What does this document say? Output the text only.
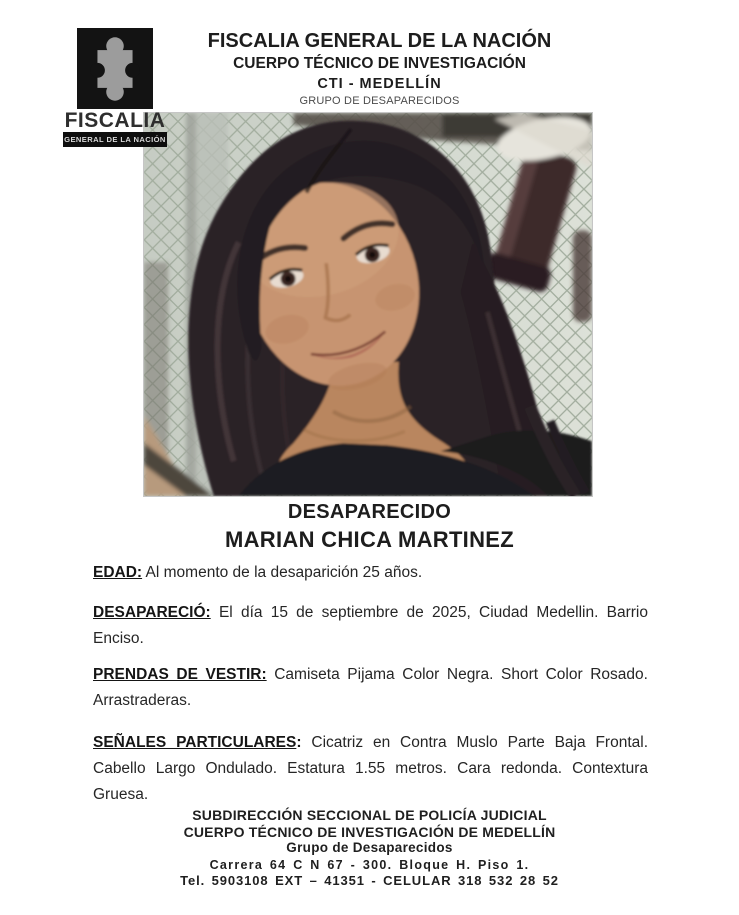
FISCALIA
GENERAL DE LA NACIÓN
FISCALIA GENERAL DE LA NACIÓN
CUERPO TÉCNICO DE INVESTIGACIÓN
CTI - MEDELLÍN
GRUPO DE DESAPARECIDOS
DESAPARECIDO
MARIAN CHICA MARTINEZ

EDAD: Al momento de la desaparición 25 años.

DESAPARECIÓ: El día 15 de septiembre de 2025, Ciudad Medellin. Barrio Enciso.

PRENDAS DE VESTIR: Camiseta Pijama Color Negra. Short Color Rosado. Arrastraderas.

SEÑALES PARTICULARES: Cicatriz en Contra Muslo Parte Baja Frontal. Cabello Largo Ondulado. Estatura 1.55 metros. Cara redonda. Contextura Gruesa.

SUBDIRECCIÓN SECCIONAL DE POLICÍA JUDICIAL
CUERPO TÉCNICO DE INVESTIGACIÓN DE MEDELLÍN
Grupo de Desaparecidos
Carrera 64 C N 67 - 300. Bloque H. Piso 1.
Tel. 5903108 EXT – 41351 - CELULAR 318 532 28 52
